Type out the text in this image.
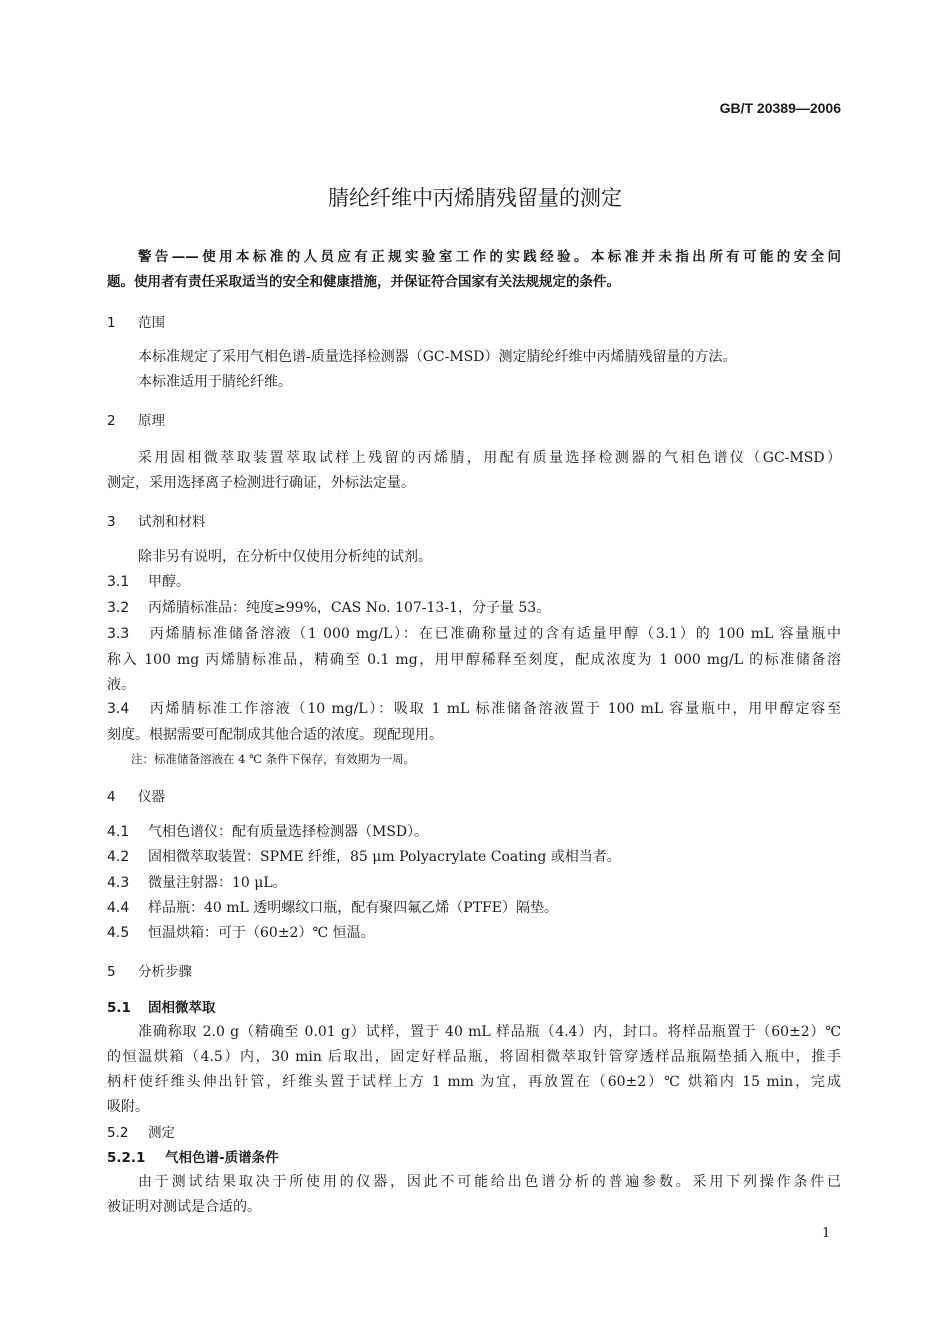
GB/T 20389—2006
腈纶纤维中丙烯腈残留量的测定
警告——使用本标准的人员应有正规实验室工作的实践经验。本标准并未指出所有可能的安全问
题。使用者有责任采取适当的安全和健康措施，并保证符合国家有关法规规定的条件。
1 范围
本标准规定了采用气相色谱-质量选择检测器（GC-MSD）测定腈纶纤维中丙烯腈残留量的方法。
本标准适用于腈纶纤维。
2 原理
采用固相微萃取装置萃取试样上残留的丙烯腈，用配有质量选择检测器的气相色谱仪（GC-MSD）
测定，采用选择离子检测进行确证，外标法定量。
3 试剂和材料
除非另有说明，在分析中仅使用分析纯的试剂。
3.1 甲醇。
3.2 丙烯腈标准品：纯度≥99%，CAS No. 107-13-1，分子量 53。
3.3 丙烯腈标准储备溶液（1 000 mg/L）：在已准确称量过的含有适量甲醇（3.1）的 100 mL 容量瓶中
称入 100 mg 丙烯腈标准品，精确至 0.1 mg，用甲醇稀释至刻度，配成浓度为 1 000 mg/L 的标准储备溶
液。
3.4 丙烯腈标准工作溶液（10 mg/L）：吸取 1 mL 标准储备溶液置于 100 mL 容量瓶中，用甲醇定容至
刻度。根据需要可配制成其他合适的浓度。现配现用。
注：标准储备溶液在 4 ℃ 条件下保存，有效期为一周。
4 仪器
4.1 气相色谱仪：配有质量选择检测器（MSD）。
4.2 固相微萃取装置：SPME 纤维，85 μm Polyacrylate Coating 或相当者。
4.3 微量注射器：10 μL。
4.4 样品瓶：40 mL 透明螺纹口瓶，配有聚四氟乙烯（PTFE）隔垫。
4.5 恒温烘箱：可于（60±2）℃ 恒温。
5 分析步骤
5.1 固相微萃取
准确称取 2.0 g（精确至 0.01 g）试样，置于 40 mL 样品瓶（4.4）内，封口。将样品瓶置于（60±2）℃
的恒温烘箱（4.5）内，30 min 后取出，固定好样品瓶，将固相微萃取针管穿透样品瓶隔垫插入瓶中，推手
柄杆使纤维头伸出针管，纤维头置于试样上方 1 mm 为宜，再放置在（60±2）℃ 烘箱内 15 min，完成
吸附。
5.2 测定
5.2.1 气相色谱-质谱条件
由于测试结果取决于所使用的仪器，因此不可能给出色谱分析的普遍参数。采用下列操作条件已
被证明对测试是合适的。
1
